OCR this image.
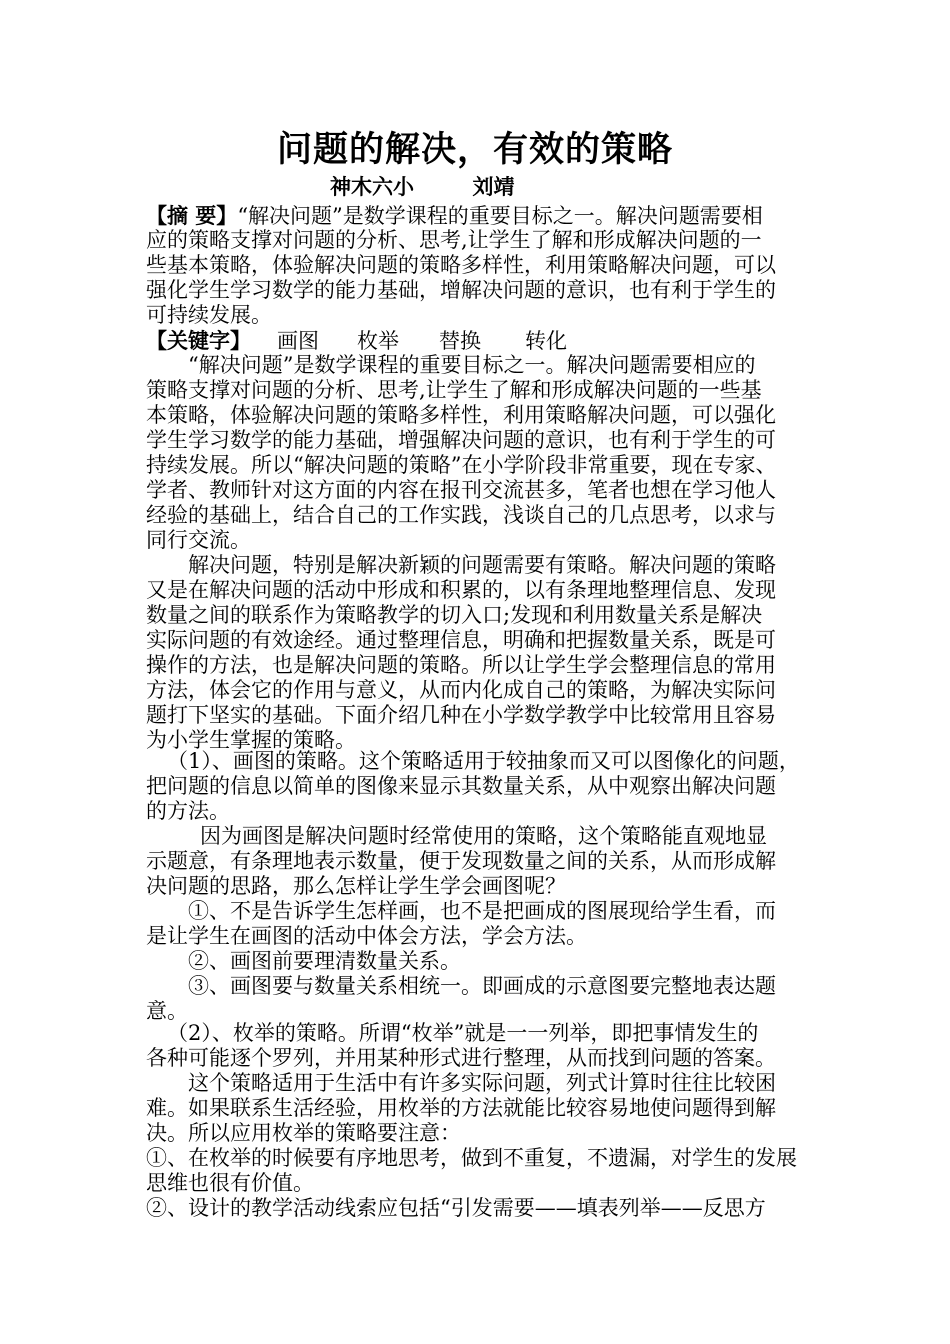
问题的解决，有效的策略
神木六小	刘靖
【摘 要】“解决问题”是数学课程的重要目标之一。解决问题需要相
应的策略支撑对问题的分析、思考,让学生了解和形成解决问题的一
些基本策略，体验解决问题的策略多样性，利用策略解决问题，可以
强化学生学习数学的能力基础，增解决问题的意识，也有利于学生的
可持续发展。
【关键字】 画图 枚举 替换 转化
“解决问题”是数学课程的重要目标之一。解决问题需要相应的
策略支撑对问题的分析、思考,让学生了解和形成解决问题的一些基
本策略，体验解决问题的策略多样性，利用策略解决问题，可以强化
学生学习数学的能力基础，增强解决问题的意识，也有利于学生的可
持续发展。所以“解决问题的策略”在小学阶段非常重要，现在专家、
学者、教师针对这方面的内容在报刊交流甚多，笔者也想在学习他人
经验的基础上，结合自己的工作实践，浅谈自己的几点思考，以求与
同行交流。
解决问题，特别是解决新颖的问题需要有策略。解决问题的策略
又是在解决问题的活动中形成和积累的，以有条理地整理信息、发现
数量之间的联系作为策略教学的切入口;发现和利用数量关系是解决
实际问题的有效途经。通过整理信息，明确和把握数量关系，既是可
操作的方法，也是解决问题的策略。所以让学生学会整理信息的常用
方法，体会它的作用与意义，从而内化成自己的策略，为解决实际问
题打下坚实的基础。下面介绍几种在小学数学教学中比较常用且容易
为小学生掌握的策略。
（1）、画图的策略。这个策略适用于较抽象而又可以图像化的问题，
把问题的信息以简单的图像来显示其数量关系，从中观察出解决问题
的方法。
因为画图是解决问题时经常使用的策略，这个策略能直观地显
示题意，有条理地表示数量，便于发现数量之间的关系，从而形成解
决问题的思路，那么怎样让学生学会画图呢？
①、不是告诉学生怎样画，也不是把画成的图展现给学生看，而
是让学生在画图的活动中体会方法，学会方法。
②、画图前要理清数量关系。
③、画图要与数量关系相统一。即画成的示意图要完整地表达题
意。
（2）、枚举的策略。所谓“枚举”就是一一列举，即把事情发生的
各种可能逐个罗列，并用某种形式进行整理，从而找到问题的答案。
这个策略适用于生活中有许多实际问题，列式计算时往往比较困
难。如果联系生活经验，用枚举的方法就能比较容易地使问题得到解
决。所以应用枚举的策略要注意：
①、在枚举的时候要有序地思考，做到不重复，不遗漏，对学生的发展
思维也很有价值。
②、设计的教学活动线索应包括“引发需要——填表列举——反思方
